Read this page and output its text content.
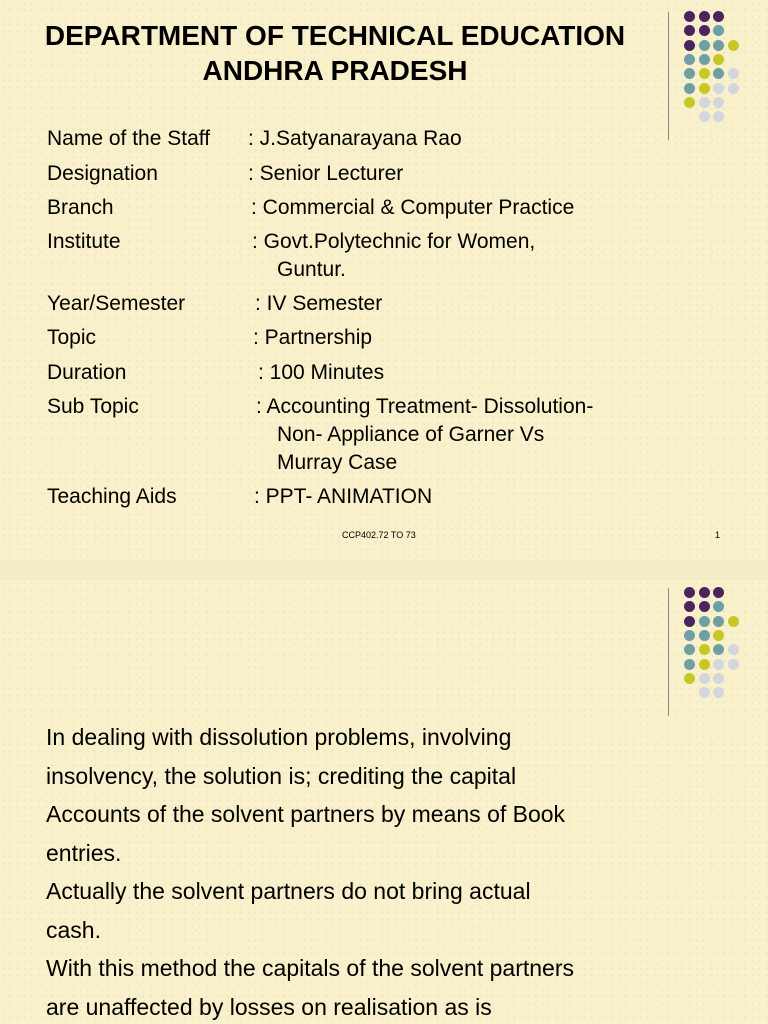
DEPARTMENT OF TECHNICAL EDUCATION
ANDHRA PRADESH
Name of the Staff : J.Satyanarayana Rao
Designation	: Senior Lecturer
Branch	: Commercial & Computer Practice
Institute	: Govt.Polytechnic for Women,
Guntur.
Year/Semester	: IV Semester
Topic	: Partnership
Duration	: 100 Minutes
Sub Topic	: Accounting Treatment- Dissolution-
Non- Appliance of Garner Vs
Murray Case
Teaching Aids	: PPT- ANIMATION
CCP402.72 TO 73	1
In dealing with dissolution problems, involving
insolvency, the solution is; crediting the capital
Accounts of the solvent partners by means of Book
entries.
Actually the solvent partners do not bring actual
cash.
With this method the capitals of the solvent partners
are unaffected by losses on realisation as is
